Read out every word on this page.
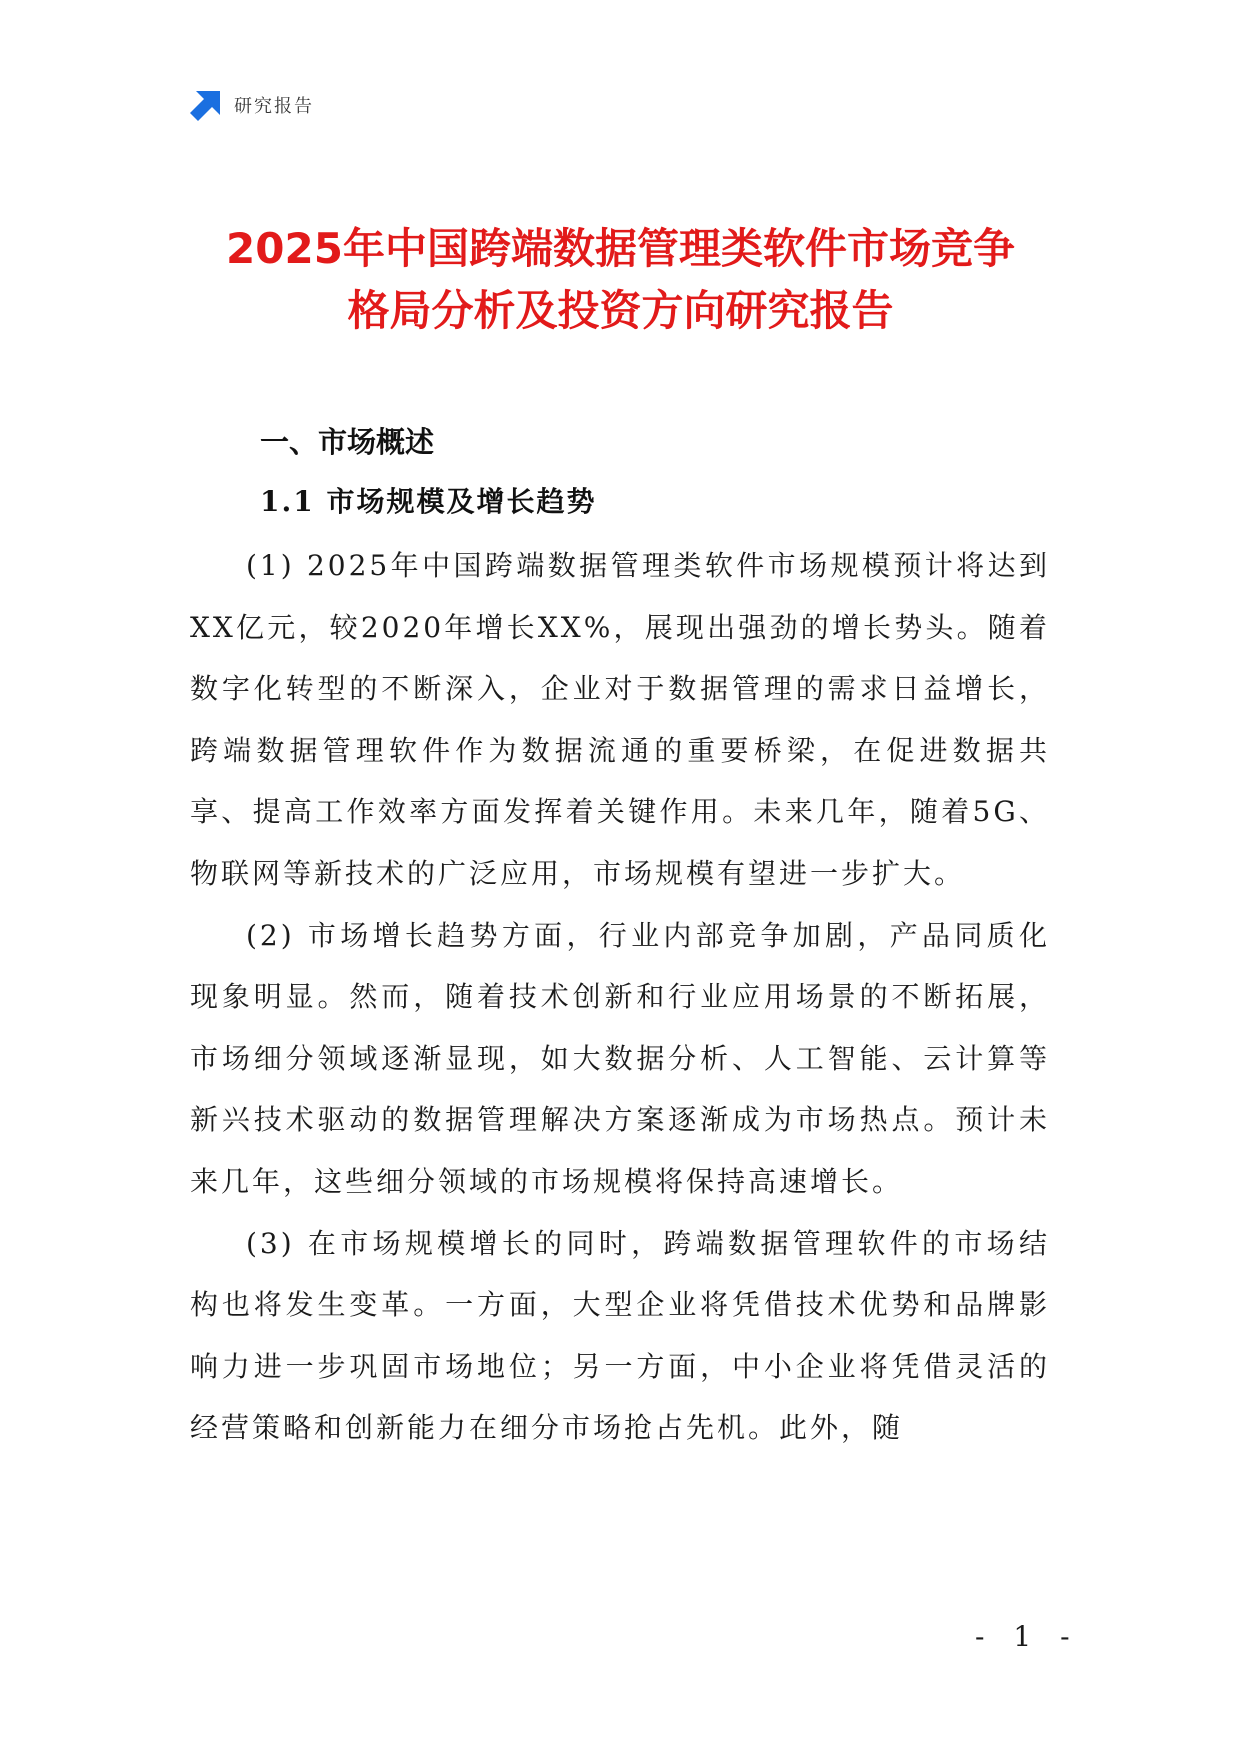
研究报告
2025年中国跨端数据管理类软件市场竞争
格局分析及投资方向研究报告
一、市场概述
1.1 市场规模及增长趋势

(1) 2025年中国跨端数据管理类软件市场规模预计将达到XX亿元，较2020年增长XX%，展现出强劲的增长势头。随着数字化转型的不断深入，企业对于数据管理的需求日益增长，跨端数据管理软件作为数据流通的重要桥梁，在促进数据共享、提高工作效率方面发挥着关键作用。未来几年，随着5G、物联网等新技术的广泛应用，市场规模有望进一步扩大。

(2) 市场增长趋势方面，行业内部竞争加剧，产品同质化现象明显。然而，随着技术创新和行业应用场景的不断拓展，市场细分领域逐渐显现，如大数据分析、人工智能、云计算等新兴技术驱动的数据管理解决方案逐渐成为市场热点。预计未来几年，这些细分领域的市场规模将保持高速增长。

(3) 在市场规模增长的同时，跨端数据管理软件的市场结构也将发生变革。一方面，大型企业将凭借技术优势和品牌影响力进一步巩固市场地位；另一方面，中小企业将凭借灵活的经营策略和创新能力在细分市场抢占先机。此外，随

- 1 -
